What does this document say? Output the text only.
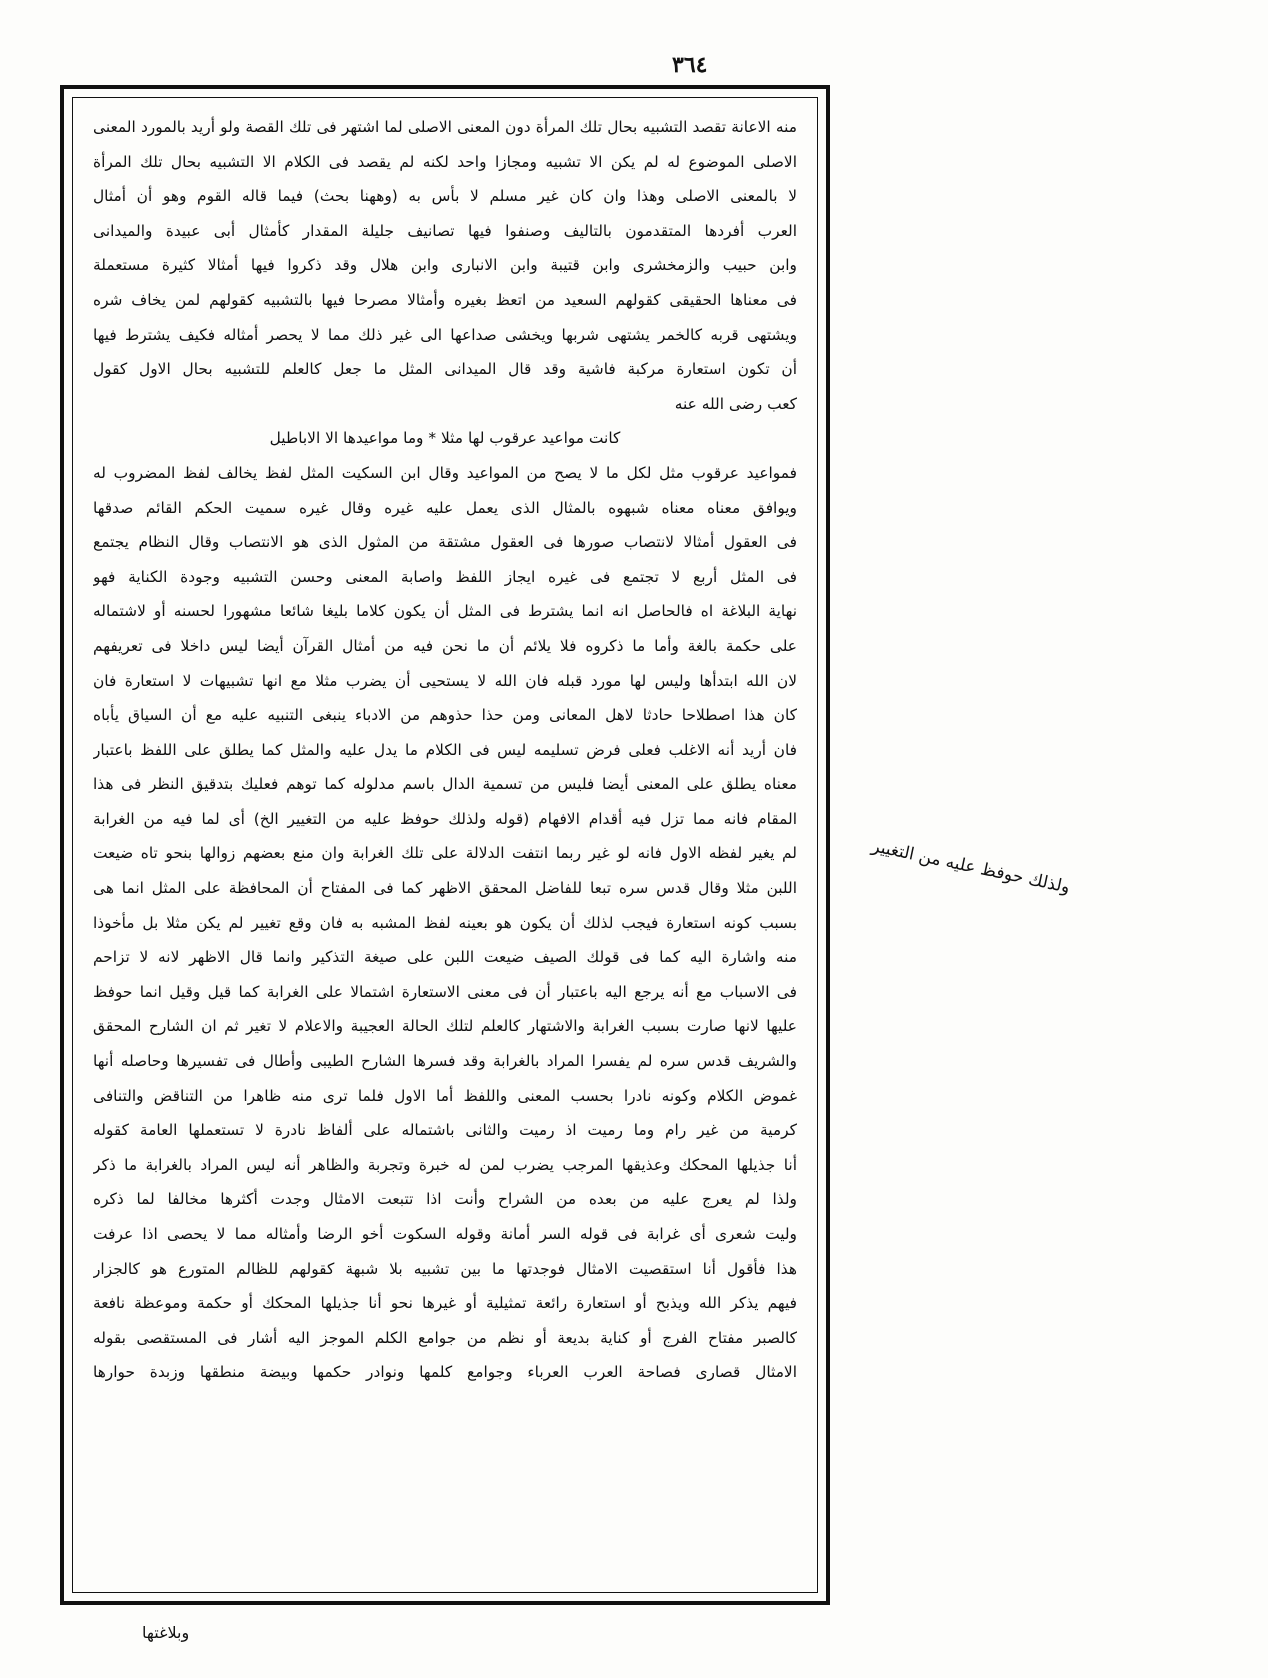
٣٦٤
منه الاعانة تقصد التشبيه بحال تلك المرأة دون المعنى الاصلى لما اشتهر فى تلك القصة ولو أريد بالمورد المعنى
الاصلى الموضوع له لم يكن الا تشبيه ومجازا واحد لكنه لم يقصد فى الكلام الا التشبيه بحال تلك المرأة
لا بالمعنى الاصلى وهذا وان كان غير مسلم لا بأس به (وههنا بحث) فيما قاله القوم وهو أن أمثال
العرب أفردها المتقدمون بالتاليف وصنفوا فيها تصانيف جليلة المقدار كأمثال أبى عبيدة والميدانى
وابن حبيب والزمخشرى وابن قتيبة وابن الانبارى وابن هلال وقد ذكروا فيها أمثالا كثيرة مستعملة
فى معناها الحقيقى كقولهم السعيد من اتعظ بغيره وأمثالا مصرحا فيها بالتشبيه كقولهم لمن يخاف شره
ويشتهى قربه كالخمر يشتهى شربها ويخشى صداعها الى غير ذلك مما لا يحصر أمثاله فكيف يشترط فيها
أن تكون استعارة مركبة فاشية وقد قال الميدانى المثل ما جعل كالعلم للتشبيه بحال الاول كقول
كعب رضى الله عنه
كانت مواعيد عرقوب لها مثلا * وما مواعيدها الا الاباطيل
فمواعيد عرقوب مثل لكل ما لا يصح من المواعيد وقال ابن السكيت المثل لفظ يخالف لفظ المضروب له
ويوافق معناه معناه شبهوه بالمثال الذى يعمل عليه غيره وقال غيره سميت الحكم القائم صدقها
فى العقول أمثالا لانتصاب صورها فى العقول مشتقة من المثول الذى هو الانتصاب وقال النظام يجتمع
فى المثل أربع لا تجتمع فى غيره ايجاز اللفظ واصابة المعنى وحسن التشبيه وجودة الكناية فهو
نهاية البلاغة اه فالحاصل انه انما يشترط فى المثل أن يكون كلاما بليغا شائعا مشهورا لحسنه أو لاشتماله
على حكمة بالغة وأما ما ذكروه فلا يلائم أن ما نحن فيه من أمثال القرآن أيضا ليس داخلا فى تعريفهم
لان الله ابتدأها وليس لها مورد قبله فان الله لا يستحيى أن يضرب مثلا مع انها تشبيهات لا استعارة فان
كان هذا اصطلاحا حادثا لاهل المعانى ومن حذا حذوهم من الادباء ينبغى التنبيه عليه مع أن السياق يأباه
فان أريد أنه الاغلب فعلى فرض تسليمه ليس فى الكلام ما يدل عليه والمثل كما يطلق على اللفظ باعتبار
معناه يطلق على المعنى أيضا فليس من تسمية الدال باسم مدلوله كما توهم فعليك بتدقيق النظر فى هذا
المقام فانه مما تزل فيه أقدام الافهام (قوله ولذلك حوفظ عليه من التغيير الخ) أى لما فيه من الغرابة
لم يغير لفظه الاول فانه لو غير ربما انتفت الدلالة على تلك الغرابة وان منع بعضهم زوالها بنحو تاه ضيعت
اللبن مثلا وقال قدس سره تبعا للفاضل المحقق الاظهر كما فى المفتاح أن المحافظة على المثل انما هى
بسبب كونه استعارة فيجب لذلك أن يكون هو بعينه لفظ المشبه به فان وقع تغيير لم يكن مثلا بل مأخوذا
منه واشارة اليه كما فى قولك الصيف ضيعت اللبن على صيغة التذكير وانما قال الاظهر لانه لا تزاحم
فى الاسباب مع أنه يرجع اليه باعتبار أن فى معنى الاستعارة اشتمالا على الغرابة كما قيل وقيل انما حوفظ
عليها لانها صارت بسبب الغرابة والاشتهار كالعلم لتلك الحالة العجيبة والاعلام لا تغير ثم ان الشارح المحقق
والشريف قدس سره لم يفسرا المراد بالغرابة وقد فسرها الشارح الطيبى وأطال فى تفسيرها وحاصله أنها
غموض الكلام وكونه نادرا بحسب المعنى واللفظ أما الاول فلما ترى منه ظاهرا من التناقض والتنافى
كرمية من غير رام وما رميت اذ رميت والثانى باشتماله على ألفاظ نادرة لا تستعملها العامة كقوله
أنا جذيلها المحكك وعذيقها المرجب يضرب لمن له خبرة وتجربة والظاهر أنه ليس المراد بالغرابة ما ذكر
ولذا لم يعرج عليه من بعده من الشراح وأنت اذا تتبعت الامثال وجدت أكثرها مخالفا لما ذكره
وليت شعرى أى غرابة فى قوله السر أمانة وقوله السكوت أخو الرضا وأمثاله مما لا يحصى اذا عرفت
هذا فأقول أنا استقصيت الامثال فوجدتها ما بين تشبيه بلا شبهة كقولهم للظالم المتورع هو كالجزار
فيهم يذكر الله ويذبح أو استعارة رائعة تمثيلية أو غيرها نحو أنا جذيلها المحكك أو حكمة وموعظة نافعة
كالصبر مفتاح الفرج أو كناية بديعة أو نظم من جوامع الكلم الموجز اليه أشار فى المستقصى بقوله
الامثال قصارى فصاحة العرب العرباء وجوامع كلمها ونوادر حكمها وبيضة منطقها وزبدة حوارها
ولذلك حوفظ عليه من التغيير
وبلاغتها
